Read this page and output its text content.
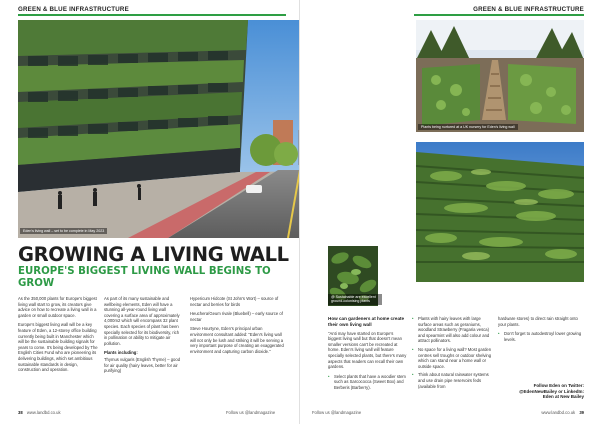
GREEN & BLUE INFRASTRUCTURE
Eden's living wall – set to be complete in May 2023
GROWING A LIVING WALL
EUROPE'S BIGGEST LIVING WALL BEGINS TO GROW

As the 350,000 plants for Europe's biggest living wall start to grow, its creators give advice on how to recreate a living wall in a garden or small outdoor space.

Europe's biggest living wall will be a key feature of Eden, a 12-storey office building currently being built in Manchester which will be the sustainable building signals for years to come. It's being developed by The English Cities Fund who are pioneering its delivering buildings, which set ambitious sustainable standards in design, construction and operation.

As part of its many sustainable and wellbeing elements, Eden will have a stunning all-year-round living wall covering a surface area of approximately 4,000m2 which will encompass 32 plant species. Each species of plant has been specially selected for its biodiversity, rich in pollination or ability to mitigate air pollution.

Plants including:

Thymus vulgaris (English Thyme) – good for air quality (hairy leaves, better for air purifying)

Hypericum Hidcote (St John's Wort) – source of nectar and berries for birds

Heuchera/Geum rivale (Bluebell) – early source of nectar

Steve Hourtyne, Eden's principal urban environment consultant added: "Eden's living wall will not only be lush and striking it will be serving a very important purpose of creating an exaggerated environment and capturing carbon dioxide."

38 www.landbd.co.uk	Follow us @landmagazine
GREEN & BLUE INFRASTRUCTURE
Plants being nurtured at a UK nursery for Eden's living wall
@ Sustainable are excellent ground-colonising plants
How can gardeners at home create their own living wall

"Anti may have started on Europe's biggest living wall but that doesn't mean smaller versions can't be recreated at home. Eden's living wall will feature specially selected plants, but there's many aspects that readers can recall their own gardens.

• Select plants that have a woodier stem such as Sarcococca (Sweet Box) and Berberis (Barberry).
• Plants with hairy leaves with large surface areas such as geraniums, woodland Strawberry (Fragaria vesca) and spearmint will also add colour and attract pollinators.
• No space for a living wall? Most garden centres sell troughs or outdoor shelving which can stand near a home wall or outside space.
• Think about natural rainwater systems and use drain pipe reservoirs feds (available from

hardware stores) to direct rain straight onto your plants.

• Don't forget to autodestroyl lower growing levels.
Follow Eden on Twitter: @EdenNewBailey or LinkedIn: Eden at New Bailey
Follow us @landmagazine	www.landbd.co.uk 39
